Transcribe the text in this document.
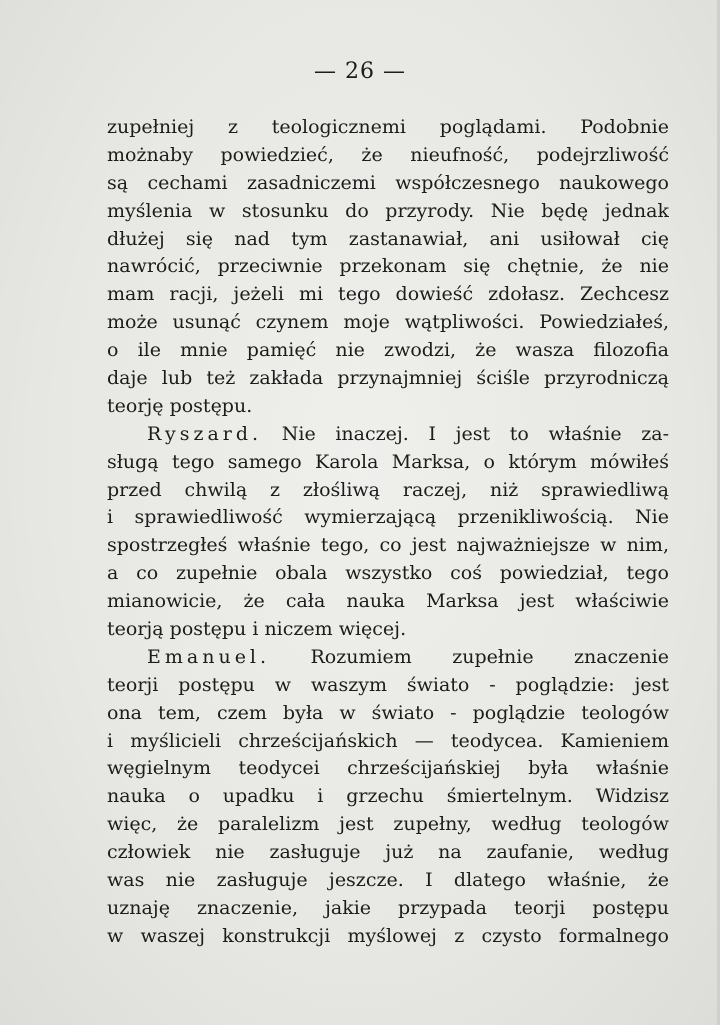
— 26 —
zupełniej z teologicznemi poglądami. Podobnie
możnaby powiedzieć, że nieufność, podejrzliwość
są cechami zasadniczemi współczesnego naukowego
myślenia w stosunku do przyrody. Nie będę jednak
dłużej się nad tym zastanawiał, ani usiłował cię
nawrócić, przeciwnie przekonam się chętnie, że nie
mam racji, jeżeli mi tego dowieść zdołasz. Zechcesz
może usunąć czynem moje wątpliwości. Powiedziałeś,
o ile mnie pamięć nie zwodzi, że wasza filozofia
daje lub też zakłada przynajmniej ściśle przyrodniczą
teorję postępu.
Ryszard. Nie inaczej. I jest to właśnie za-
sługą tego samego Karola Marksa, o którym mówiłeś
przed chwilą z złośliwą raczej, niż sprawiedliwą
i sprawiedliwość wymierzającą przenikliwością. Nie
spostrzegłeś właśnie tego, co jest najważniejsze w nim,
a co zupełnie obala wszystko coś powiedział, tego
mianowicie, że cała nauka Marksa jest właściwie
teorją postępu i niczem więcej.
Emanuel. Rozumiem zupełnie znaczenie
teorji postępu w waszym świato - poglądzie: jest
ona tem, czem była w świato - poglądzie teologów
i myślicieli chrześcijańskich — teodycea. Kamieniem
węgielnym teodycei chrześcijańskiej była właśnie
nauka o upadku i grzechu śmiertelnym. Widzisz
więc, że paralelizm jest zupełny, według teologów
człowiek nie zasługuje już na zaufanie, według
was nie zasługuje jeszcze. I dlatego właśnie, że
uznaję znaczenie, jakie przypada teorji postępu
w waszej konstrukcji myślowej z czysto formalnego
